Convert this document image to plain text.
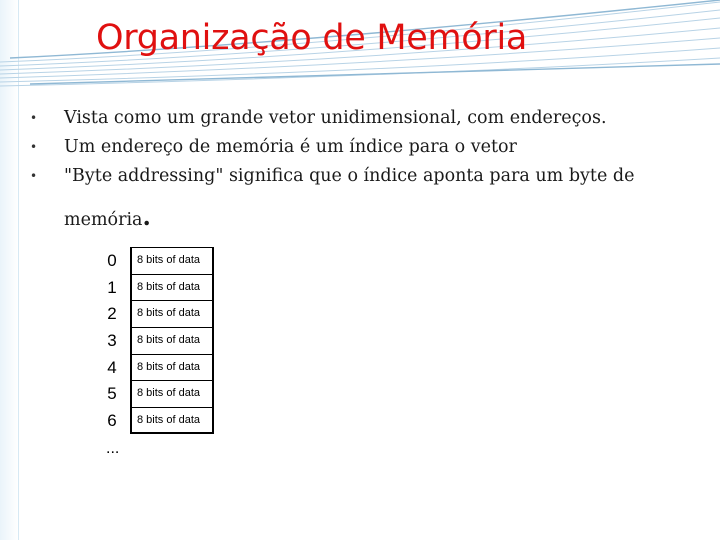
Organização de Memória
• Vista como um grande vetor unidimensional, com endereços.
• Um endereço de memória é um índice para o vetor
• "Byte addressing" significa que o índice aponta para um byte de
memória.
0	8 bits of data
1	8 bits of data
2	8 bits of data
3	8 bits of data
4	8 bits of data
5	8 bits of data
6	8 bits of data
...
